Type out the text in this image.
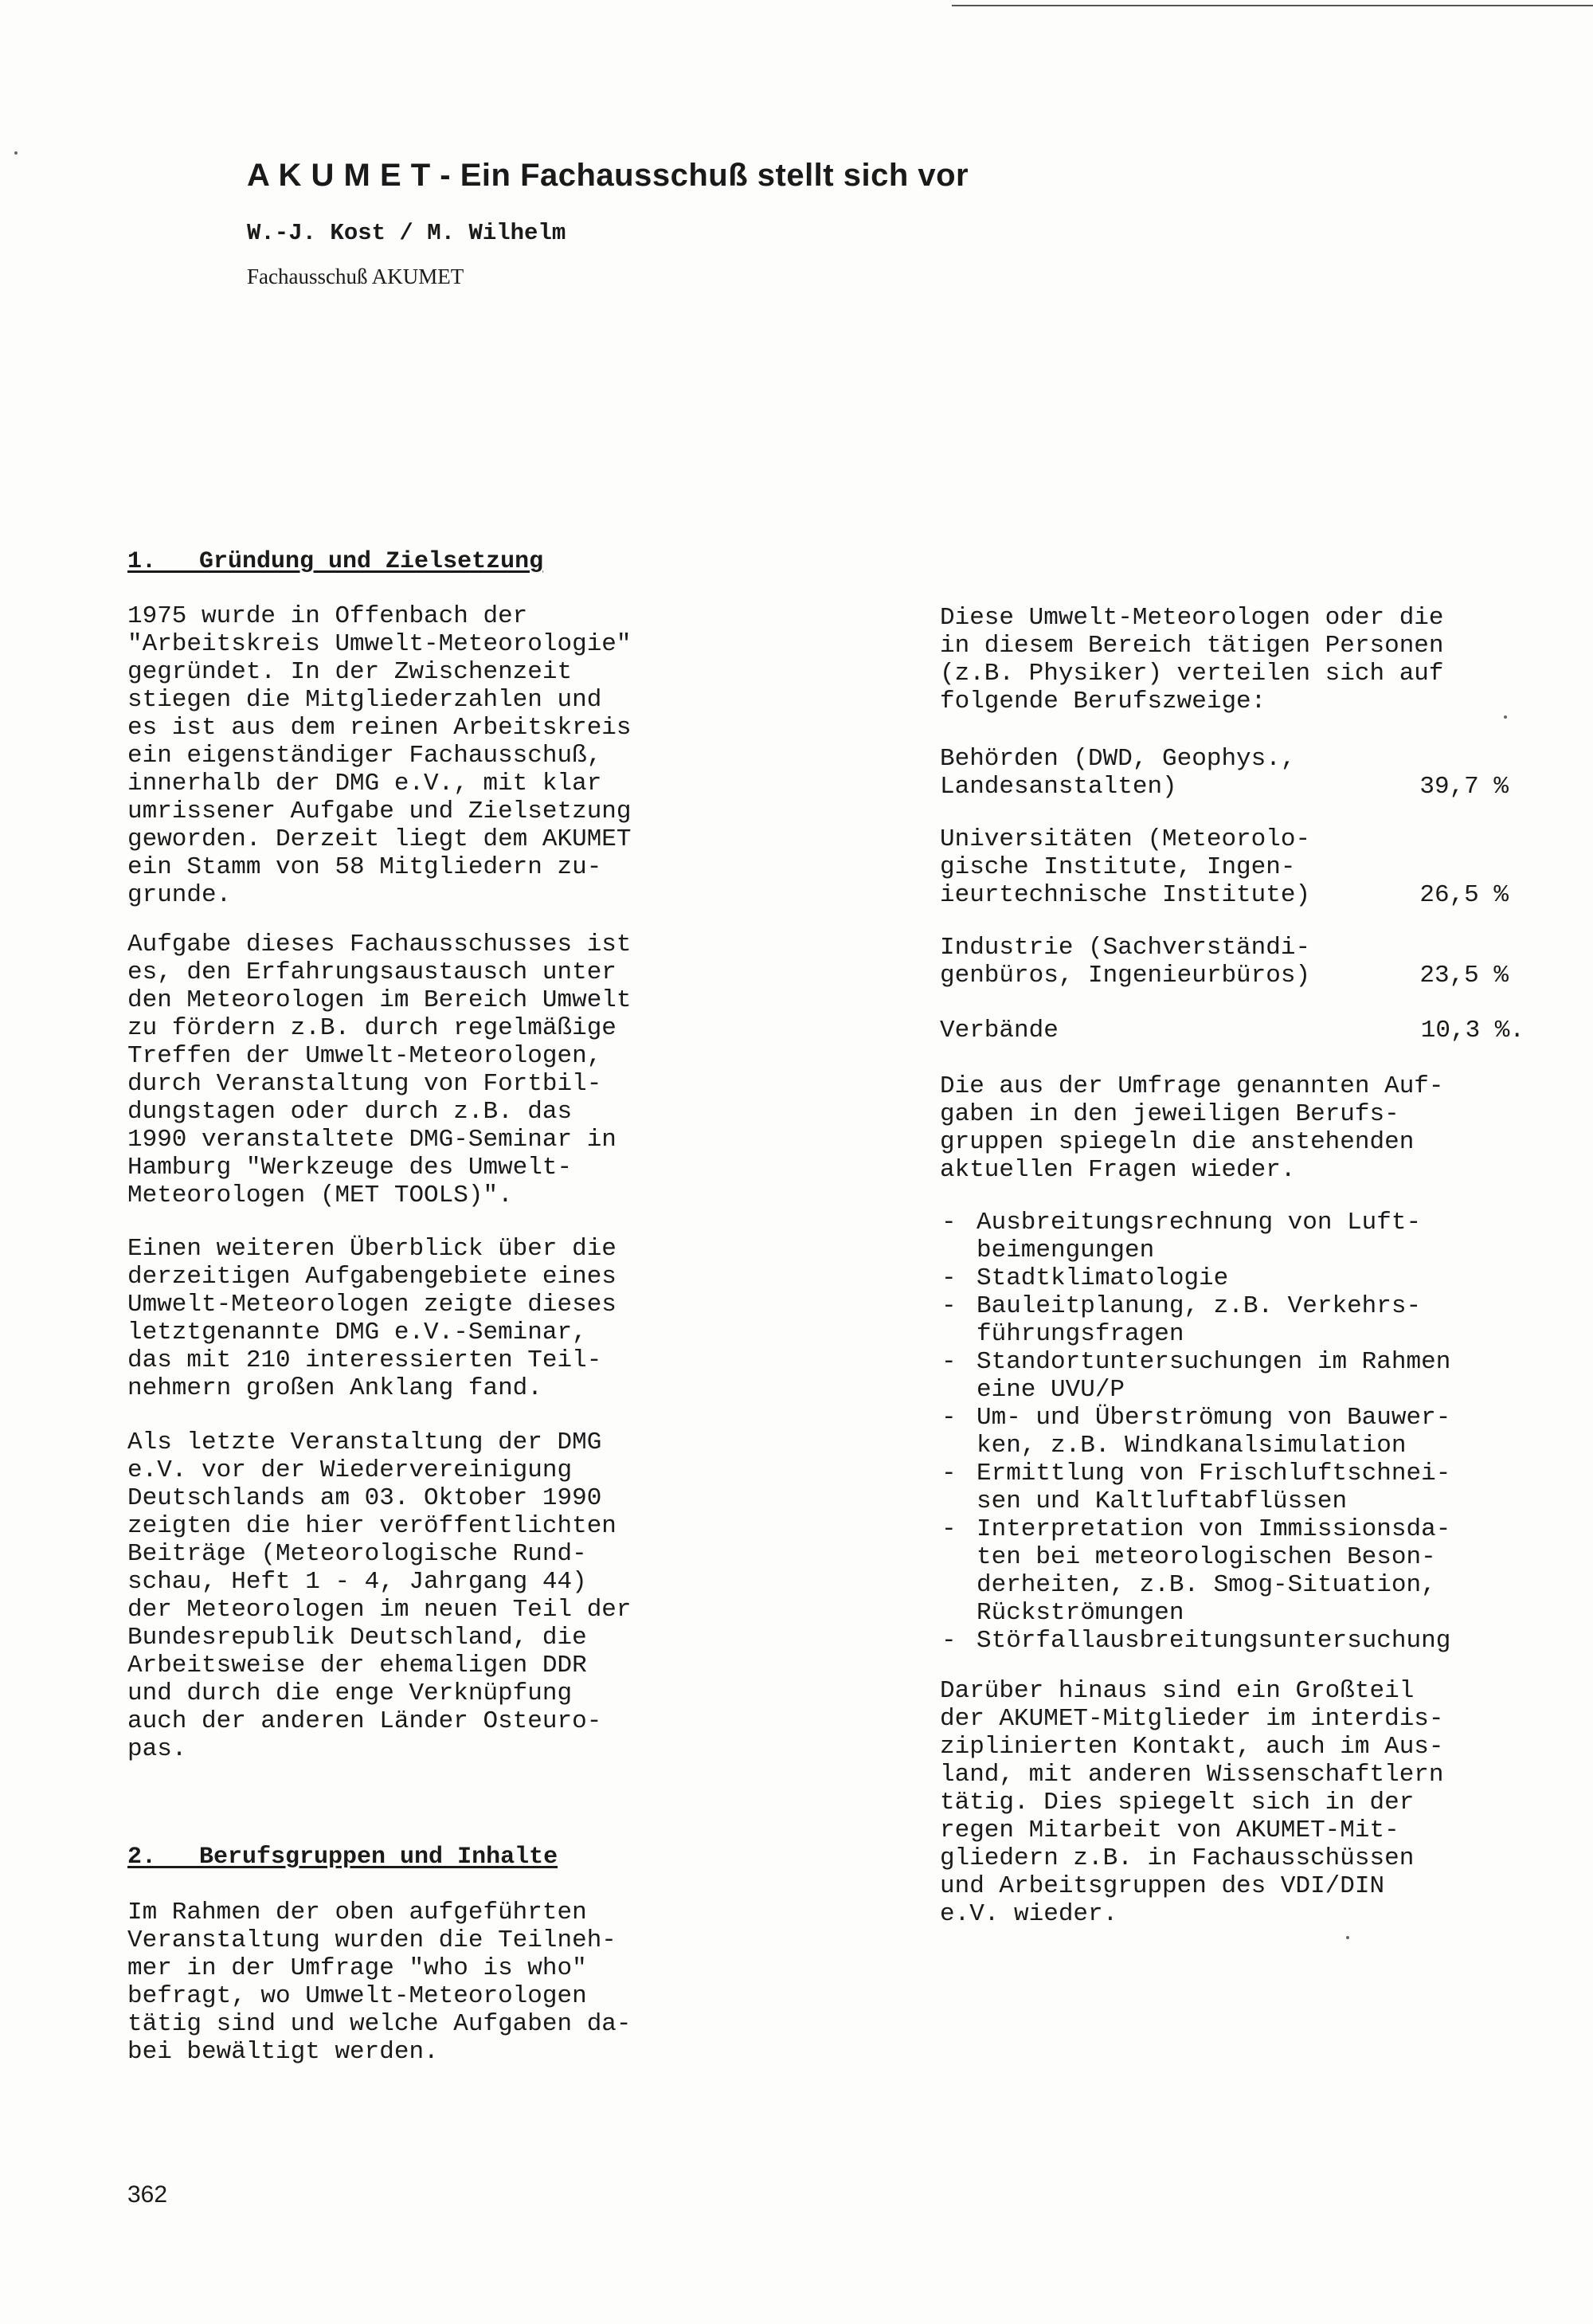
A K U M E T - Ein Fachausschuß stellt sich vor
W.-J. Kost / M. Wilhelm
Fachausschuß AKUMET
1.   Gründung und Zielsetzung
1975 wurde in Offenbach der
"Arbeitskreis Umwelt-Meteorologie"
gegründet. In der Zwischenzeit
stiegen die Mitgliederzahlen und
es ist aus dem reinen Arbeitskreis
ein eigenständiger Fachausschuß,
innerhalb der DMG e.V., mit klar
umrissener Aufgabe und Zielsetzung
geworden. Derzeit liegt dem AKUMET
ein Stamm von 58 Mitgliedern zu-
grunde.
Aufgabe dieses Fachausschusses ist
es, den Erfahrungsaustausch unter
den Meteorologen im Bereich Umwelt
zu fördern z.B. durch regelmäßige
Treffen der Umwelt-Meteorologen,
durch Veranstaltung von Fortbil-
dungstagen oder durch z.B. das
1990 veranstaltete DMG-Seminar in
Hamburg "Werkzeuge des Umwelt-
Meteorologen (MET TOOLS)".
Einen weiteren Überblick über die
derzeitigen Aufgabengebiete eines
Umwelt-Meteorologen zeigte dieses
letztgenannte DMG e.V.-Seminar,
das mit 210 interessierten Teil-
nehmern großen Anklang fand.
Als letzte Veranstaltung der DMG
e.V. vor der Wiedervereinigung
Deutschlands am 03. Oktober 1990
zeigten die hier veröffentlichten
Beiträge (Meteorologische Rund-
schau, Heft 1 - 4, Jahrgang 44)
der Meteorologen im neuen Teil der
Bundesrepublik Deutschland, die
Arbeitsweise der ehemaligen DDR
und durch die enge Verknüpfung
auch der anderen Länder Osteuro-
pas.
2.   Berufsgruppen und Inhalte
Im Rahmen der oben aufgeführten
Veranstaltung wurden die Teilneh-
mer in der Umfrage "who is who"
befragt, wo Umwelt-Meteorologen
tätig sind und welche Aufgaben da-
bei bewältigt werden.
Diese Umwelt-Meteorologen oder die
in diesem Bereich tätigen Personen
(z.B. Physiker) verteilen sich auf
folgende Berufszweige:
Behörden (DWD, Geophys.,
Landesanstalten)	39,7 %
Universitäten (Meteorolo-
gische Institute, Ingen-
ieurtechnische Institute)	26,5 %
Industrie (Sachverständi-
genbüros, Ingenieurbüros)	23,5 %
Verbände	10,3 %.
Die aus der Umfrage genannten Auf-
gaben in den jeweiligen Berufs-
gruppen spiegeln die anstehenden
aktuellen Fragen wieder.
- Ausbreitungsrechnung von Luft-
beimengungen
- Stadtklimatologie
- Bauleitplanung, z.B. Verkehrs-
führungsfragen
- Standortuntersuchungen im Rahmen
eine UVU/P
- Um- und Überströmung von Bauwer-
ken, z.B. Windkanalsimulation
- Ermittlung von Frischluftschnei-
sen und Kaltluftabflüssen
- Interpretation von Immissionsda-
ten bei meteorologischen Beson-
derheiten, z.B. Smog-Situation,
Rückströmungen
- Störfallausbreitungsuntersuchung
Darüber hinaus sind ein Großteil
der AKUMET-Mitglieder im interdis-
ziplinierten Kontakt, auch im Aus-
land, mit anderen Wissenschaftlern
tätig. Dies spiegelt sich in der
regen Mitarbeit von AKUMET-Mit-
gliedern z.B. in Fachausschüssen
und Arbeitsgruppen des VDI/DIN
e.V. wieder.
362
